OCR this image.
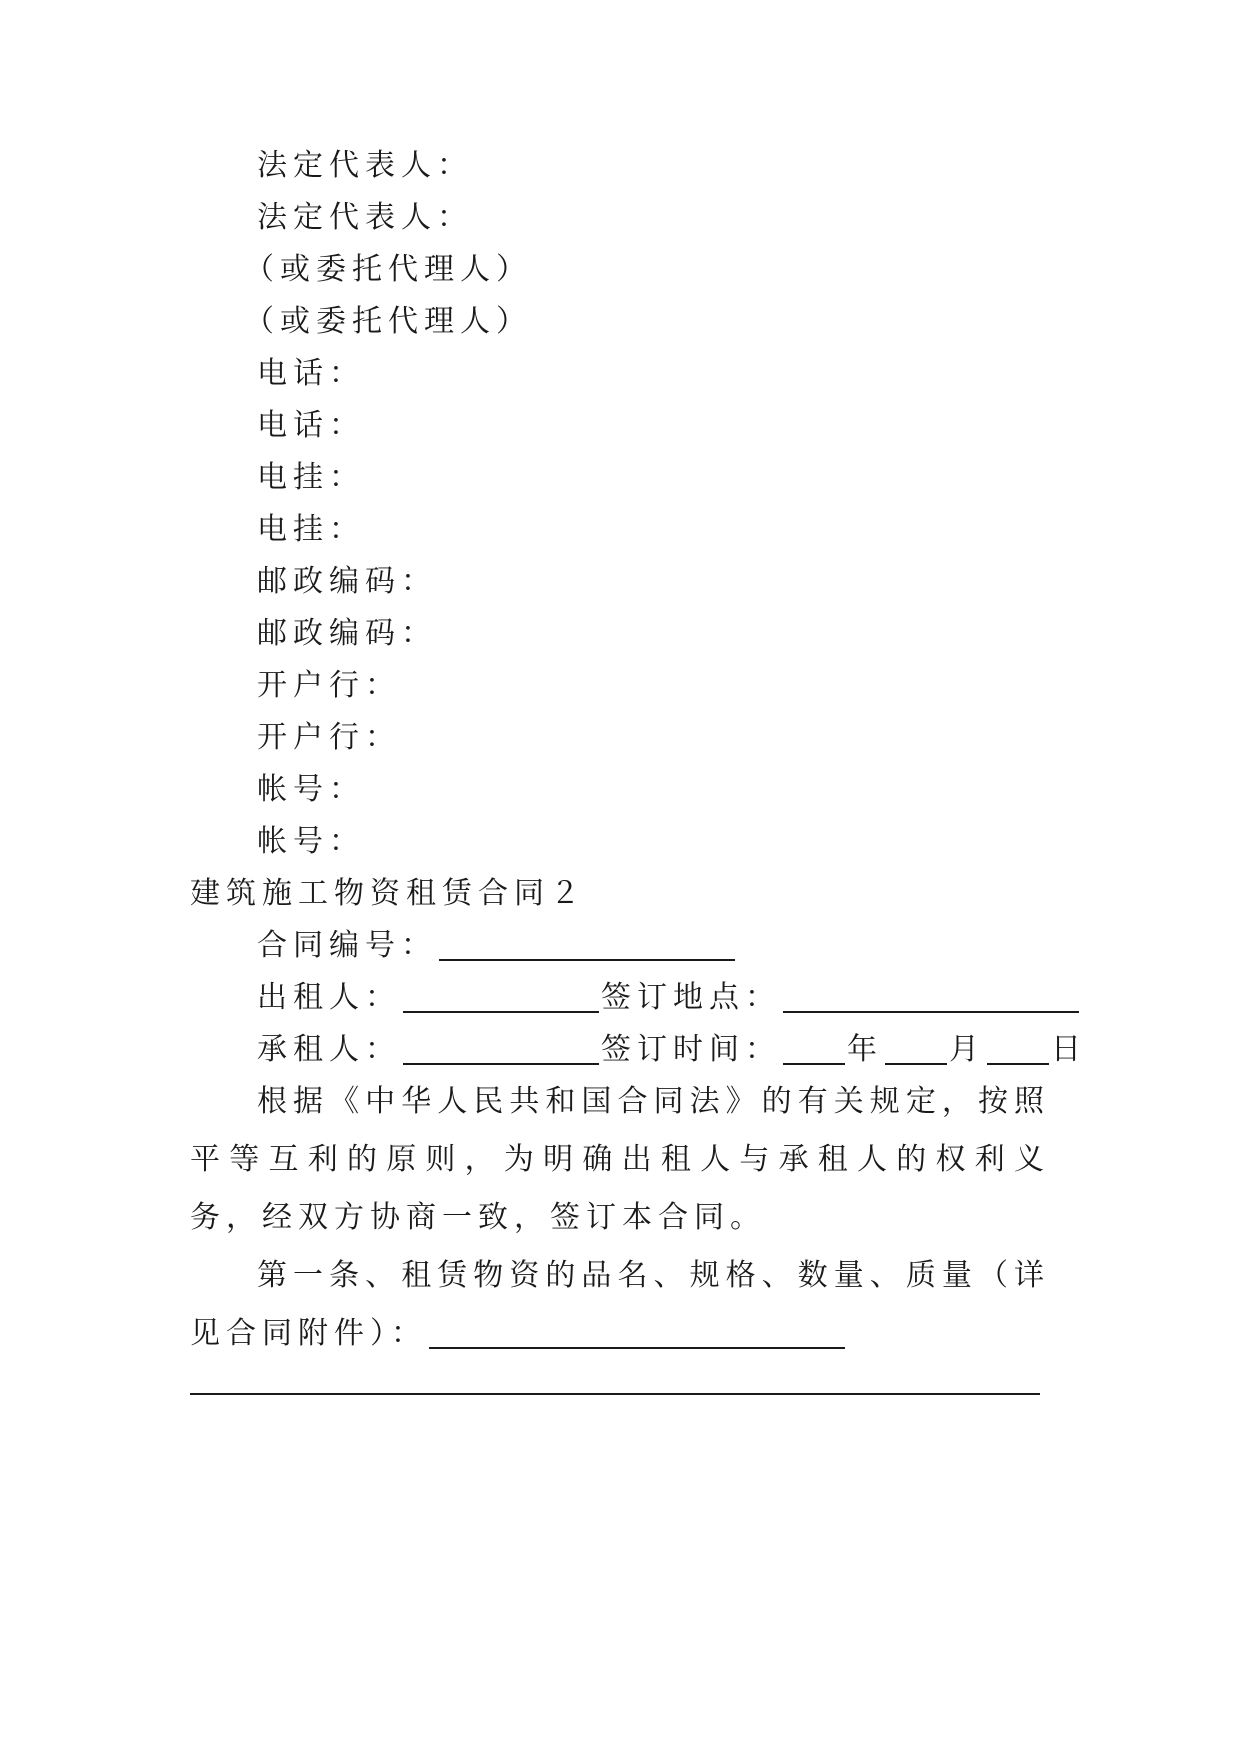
法定代表人：
法定代表人：
（或委托代理人）
（或委托代理人）
电话：
电话：
电挂：
电挂：
邮政编码：
邮政编码：
开户行：
开户行：
帐号：
帐号：
建筑施工物资租赁合同２
合同编号：
出租人：	签订地点：
承租人：	签订时间： 年 月 日
根据《中华人民共和国合同法》的有关规定，按照平等互利的原则，为明确出租人与承租人的权利义务，经双方协商一致，签订本合同。
第一条、租赁物资的品名、规格、数量、质量（详见合同附件）：
